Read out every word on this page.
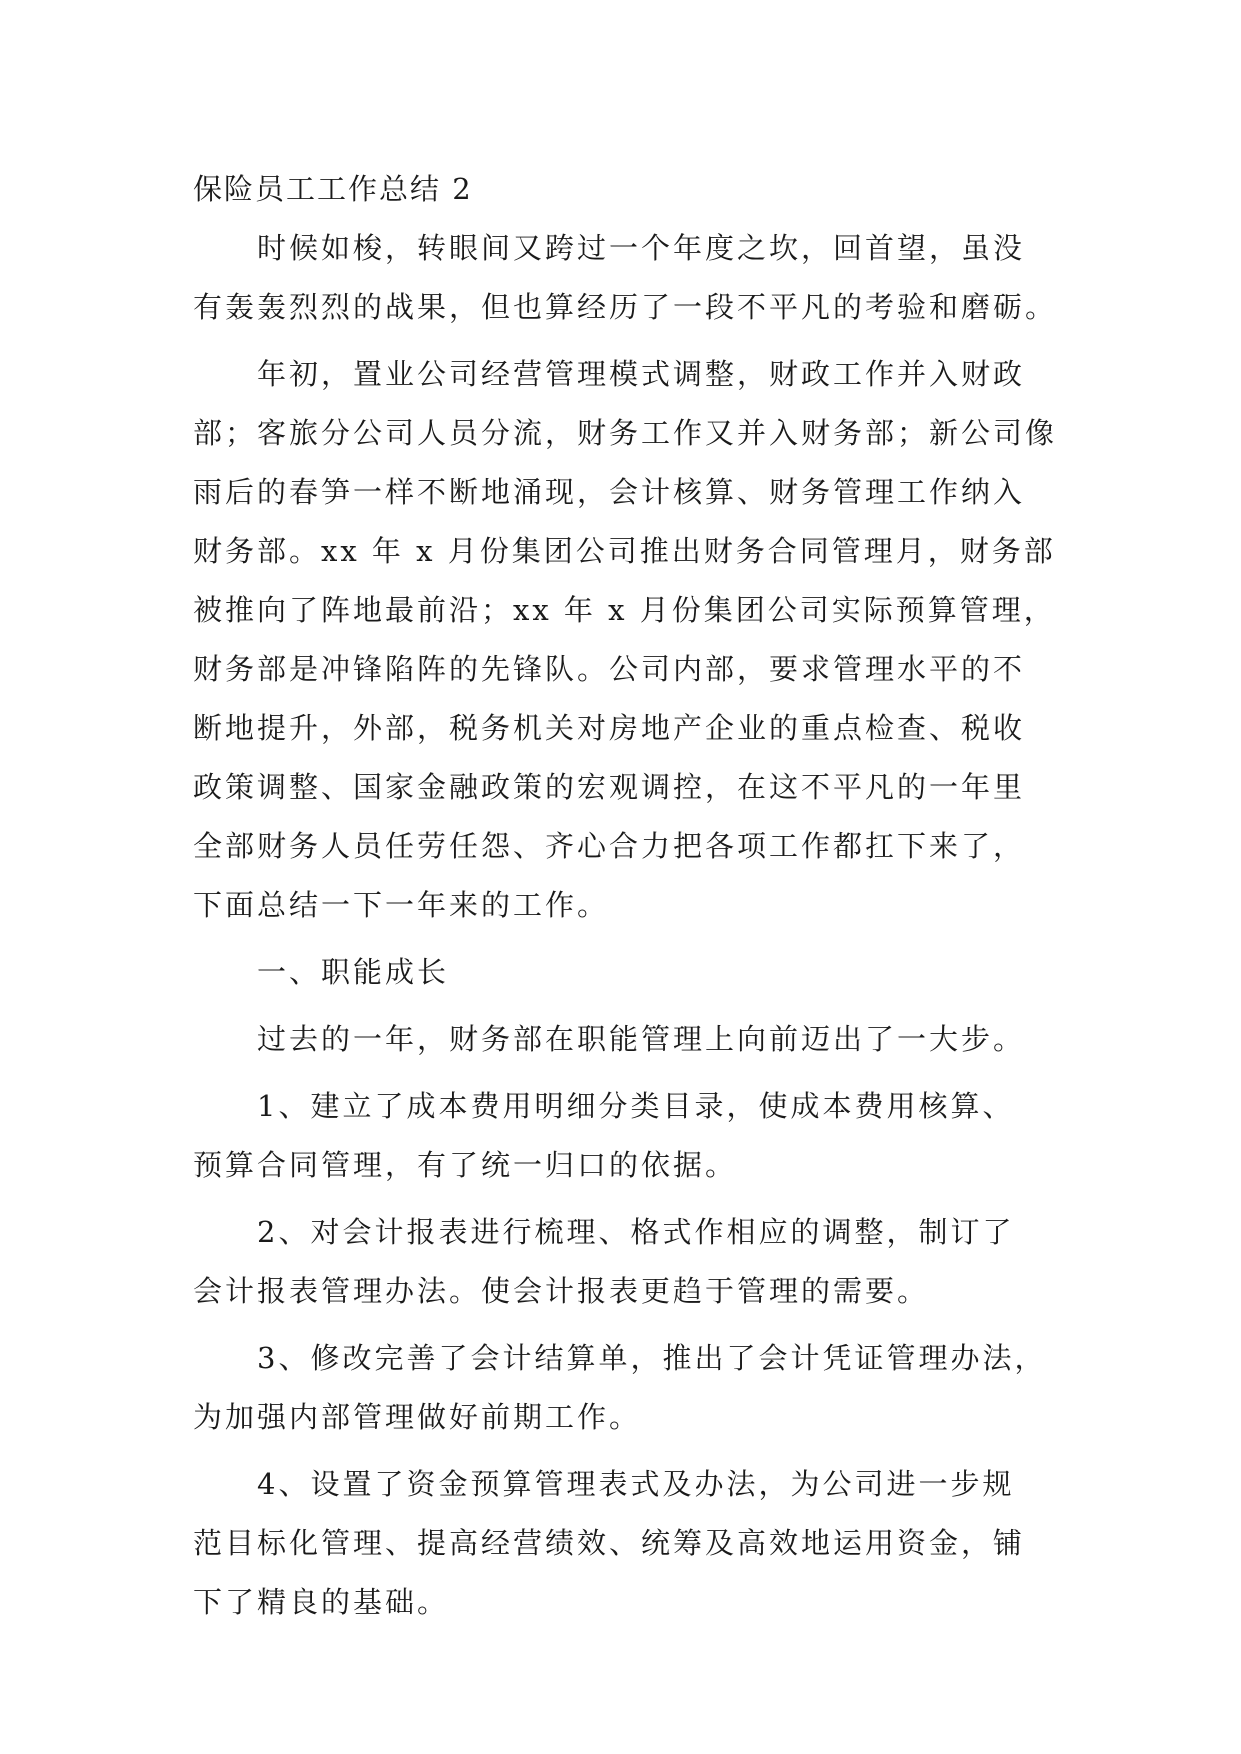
保险员工工作总结 2
时候如梭，转眼间又跨过一个年度之坎，回首望，虽没
有轰轰烈烈的战果，但也算经历了一段不平凡的考验和磨砺。
年初，置业公司经营管理模式调整，财政工作并入财政
部；客旅分公司人员分流，财务工作又并入财务部；新公司像
雨后的春笋一样不断地涌现，会计核算、财务管理工作纳入
财务部。xx 年 x 月份集团公司推出财务合同管理月，财务部
被推向了阵地最前沿；xx 年 x 月份集团公司实际预算管理，
财务部是冲锋陷阵的先锋队。公司内部，要求管理水平的不
断地提升，外部，税务机关对房地产企业的重点检查、税收
政策调整、国家金融政策的宏观调控，在这不平凡的一年里
全部财务人员任劳任怨、齐心合力把各项工作都扛下来了，
下面总结一下一年来的工作。
一、职能成长
过去的一年，财务部在职能管理上向前迈出了一大步。
1、建立了成本费用明细分类目录，使成本费用核算、
预算合同管理，有了统一归口的依据。
2、对会计报表进行梳理、格式作相应的调整，制订了
会计报表管理办法。使会计报表更趋于管理的需要。
3、修改完善了会计结算单，推出了会计凭证管理办法，
为加强内部管理做好前期工作。
4、设置了资金预算管理表式及办法，为公司进一步规
范目标化管理、提高经营绩效、统筹及高效地运用资金，铺
下了精良的基础。
